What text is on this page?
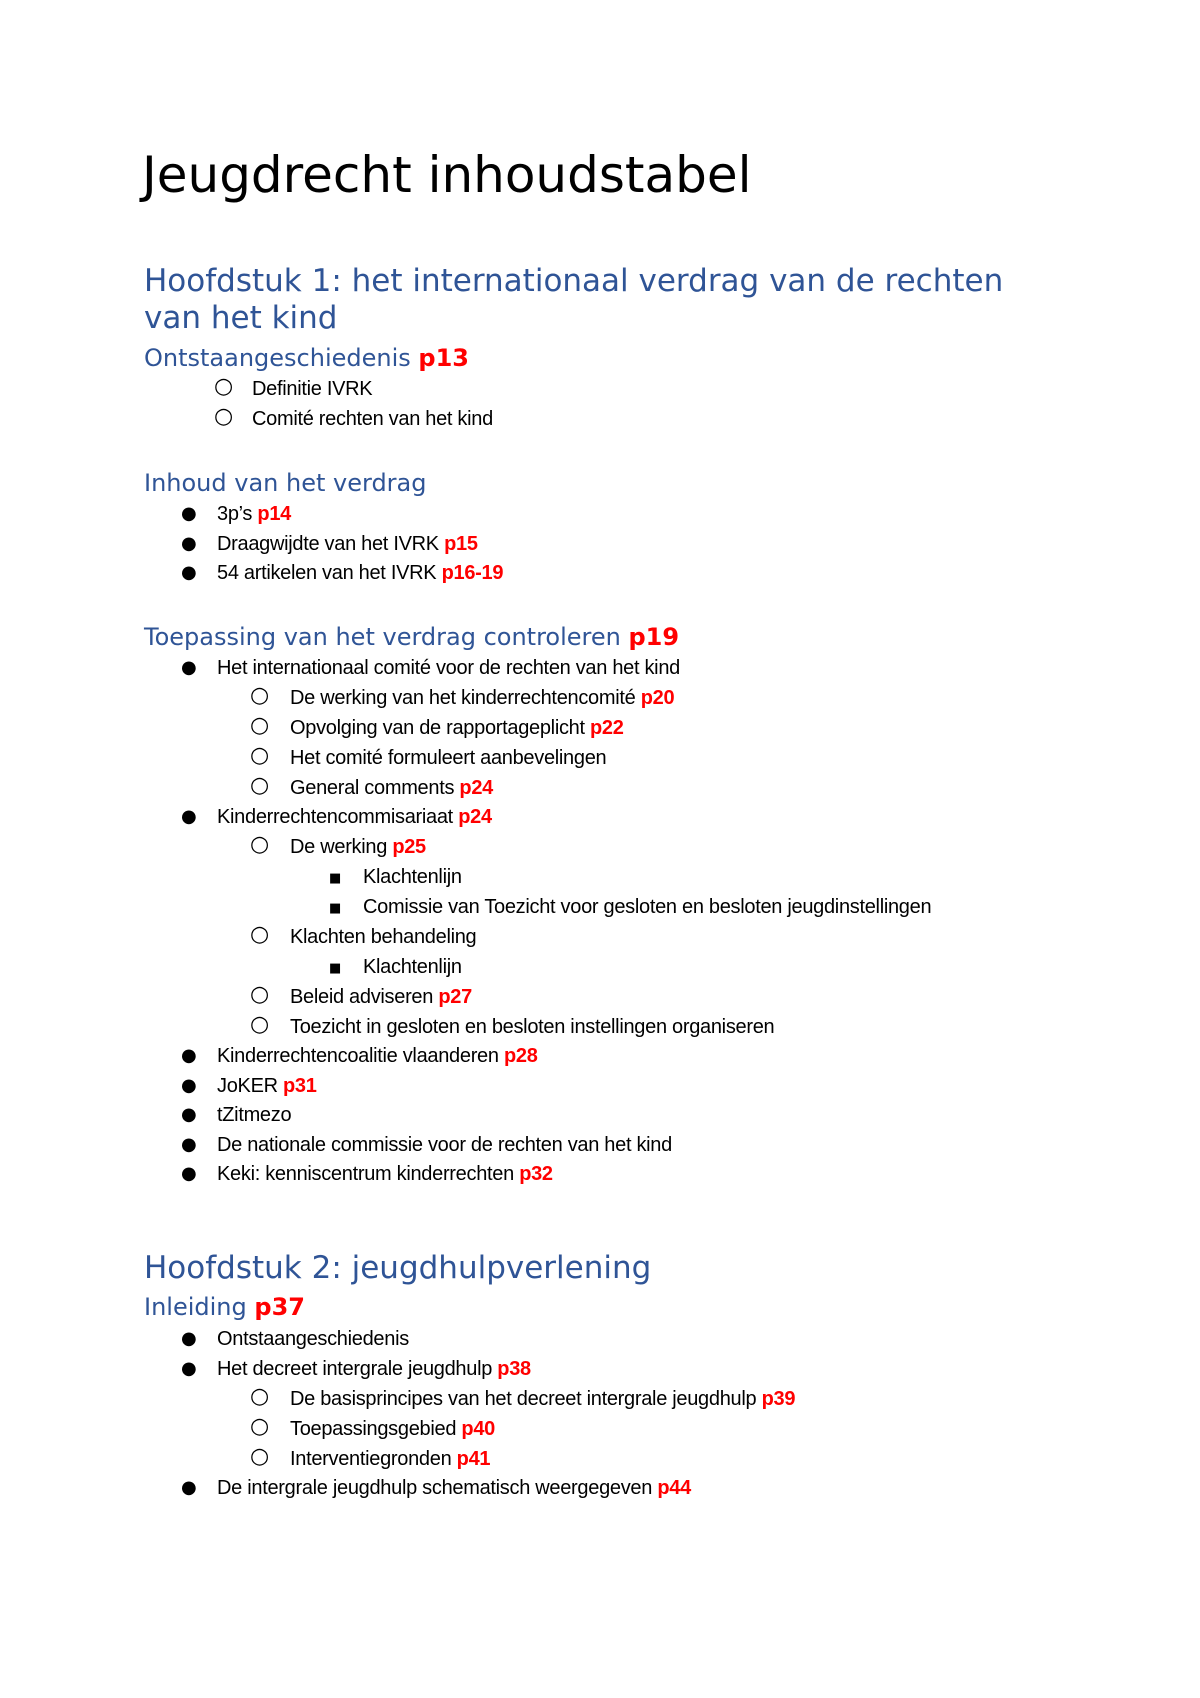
Jeugdrecht inhoudstabel
Hoofdstuk 1: het internationaal verdrag van de rechten
van het kind
Ontstaangeschiedenis p13
○ Definitie IVRK
○ Comité rechten van het kind
Inhoud van het verdrag
● 3p’s p14
● Draagwijdte van het IVRK p15
● 54 artikelen van het IVRK p16-19
Toepassing van het verdrag controleren p19
● Het internationaal comité voor de rechten van het kind
○ De werking van het kinderrechtencomité p20
○ Opvolging van de rapportageplicht p22
○ Het comité formuleert aanbevelingen
○ General comments p24
● Kinderrechtencommisariaat p24
○ De werking p25
■ Klachtenlijn
■ Comissie van Toezicht voor gesloten en besloten jeugdinstellingen
○ Klachten behandeling
■ Klachtenlijn
○ Beleid adviseren p27
○ Toezicht in gesloten en besloten instellingen organiseren
● Kinderrechtencoalitie vlaanderen p28
● JoKER p31
● tZitmezo
● De nationale commissie voor de rechten van het kind
● Keki: kenniscentrum kinderrechten p32
Hoofdstuk 2: jeugdhulpverlening
Inleiding p37
● Ontstaangeschiedenis
● Het decreet intergrale jeugdhulp p38
○ De basisprincipes van het decreet intergrale jeugdhulp p39
○ Toepassingsgebied p40
○ Interventiegronden p41
● De intergrale jeugdhulp schematisch weergegeven p44
